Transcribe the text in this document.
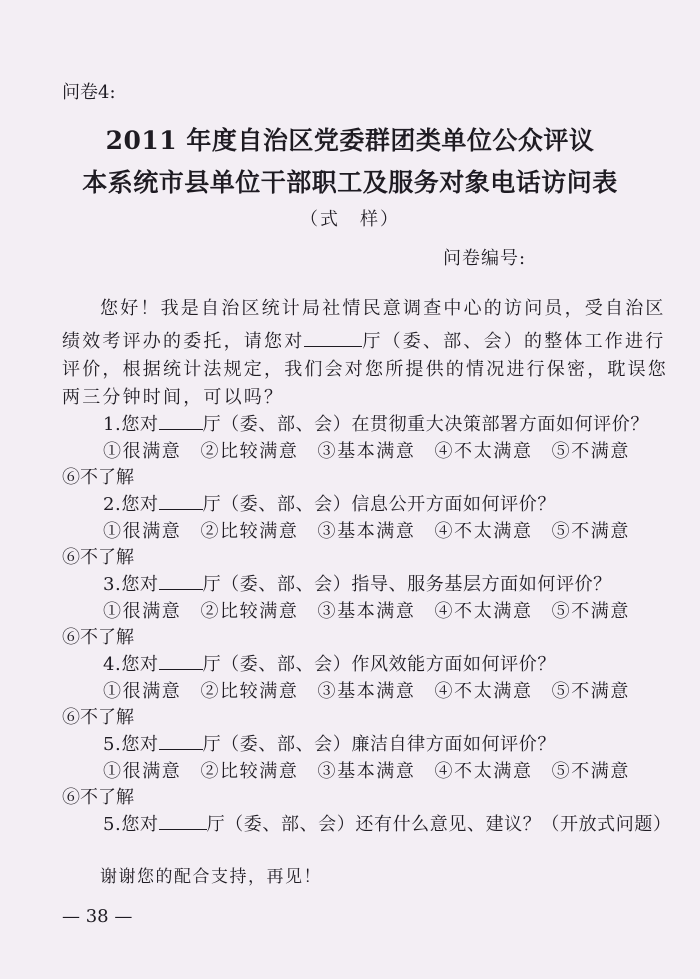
问卷4:
2011 年度自治区党委群团类单位公众评议
本系统市县单位干部职工及服务对象电话访问表
（式　样）
问卷编号:
您好！我是自治区统计局社情民意调查中心的访问员，受自治区
绩效考评办的委托，请您对	厅（委、部、会）的整体工作进行
评价，根据统计法规定，我们会对您所提供的情况进行保密，耽误您
两三分钟时间，可以吗？
1.您对 厅（委、部、会）在贯彻重大决策部署方面如何评价？
①很满意 ②比较满意 ③基本满意 ④不太满意 ⑤不满意
⑥不了解
2.您对 厅（委、部、会）信息公开方面如何评价？
①很满意 ②比较满意 ③基本满意 ④不太满意 ⑤不满意
⑥不了解
3.您对 厅（委、部、会）指导、服务基层方面如何评价？
①很满意 ②比较满意 ③基本满意 ④不太满意 ⑤不满意
⑥不了解
4.您对 厅（委、部、会）作风效能方面如何评价？
①很满意 ②比较满意 ③基本满意 ④不太满意 ⑤不满意
⑥不了解
5.您对 厅（委、部、会）廉洁自律方面如何评价？
①很满意 ②比较满意 ③基本满意 ④不太满意 ⑤不满意
⑥不了解
5.您对	厅（委、部、会）还有什么意见、建议？（开放式问题）
谢谢您的配合支持，再见！
— 38 —
